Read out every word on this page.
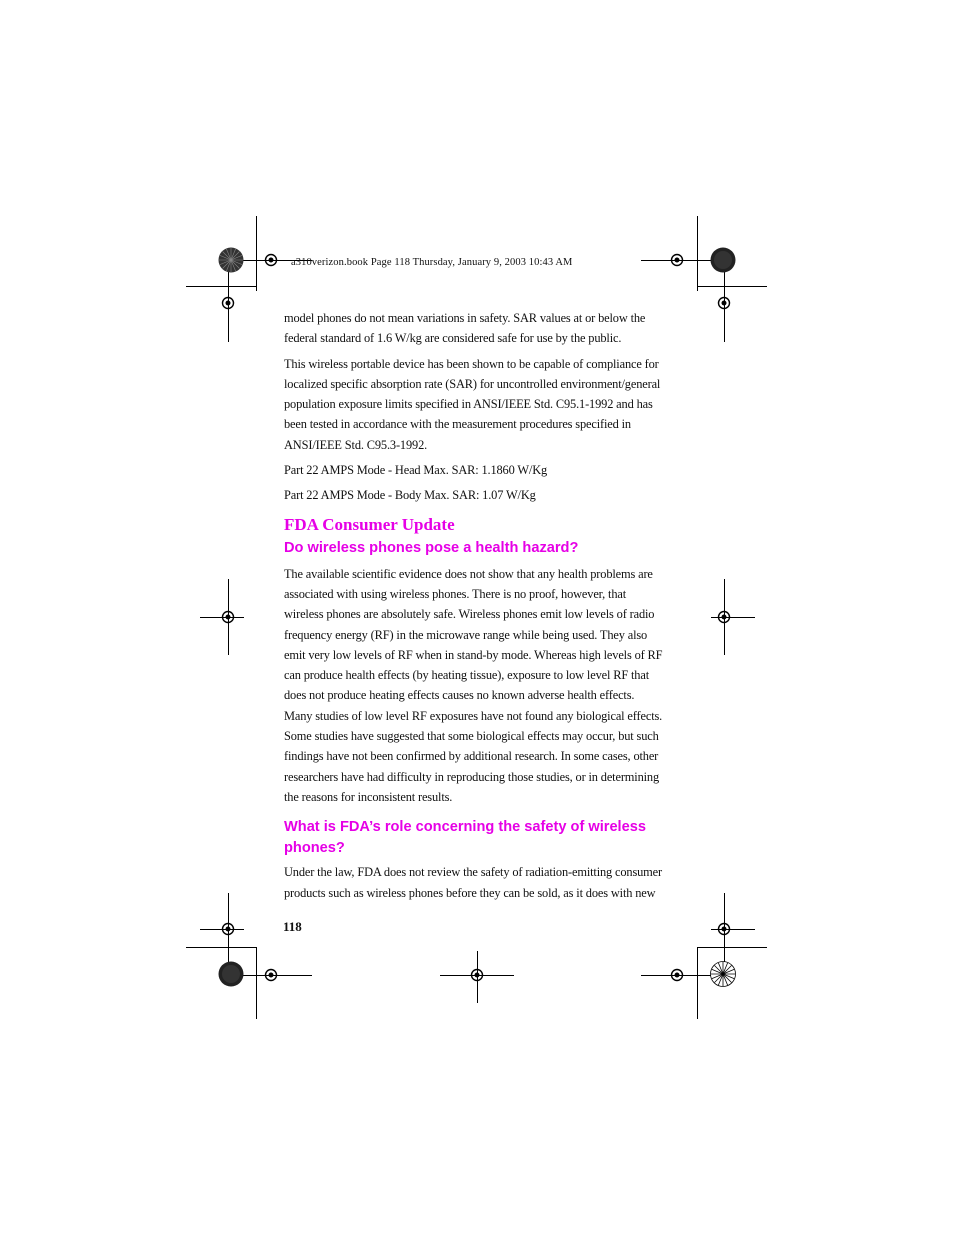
a310verizon.book Page 118 Thursday, January 9, 2003 10:43 AM

model phones do not mean variations in safety. SAR values at or below the federal standard of 1.6 W/kg are considered safe for use by the public.

This wireless portable device has been shown to be capable of compliance for localized specific absorption rate (SAR) for uncontrolled environment/general population exposure limits specified in ANSI/IEEE Std. C95.1-1992 and has been tested in accordance with the measurement procedures specified in ANSI/IEEE Std. C95.3-1992.

Part 22 AMPS Mode - Head Max. SAR: 1.1860 W/Kg

Part 22 AMPS Mode - Body Max. SAR: 1.07 W/Kg

FDA Consumer Update
Do wireless phones pose a health hazard?

The available scientific evidence does not show that any health problems are associated with using wireless phones. There is no proof, however, that wireless phones are absolutely safe. Wireless phones emit low levels of radio frequency energy (RF) in the microwave range while being used. They also emit very low levels of RF when in stand-by mode. Whereas high levels of RF can produce health effects (by heating tissue), exposure to low level RF that does not produce heating effects causes no known adverse health effects. Many studies of low level RF exposures have not found any biological effects. Some studies have suggested that some biological effects may occur, but such findings have not been confirmed by additional research. In some cases, other researchers have had difficulty in reproducing those studies, or in determining the reasons for inconsistent results.

What is FDA’s role concerning the safety of wireless phones?

Under the law, FDA does not review the safety of radiation-emitting consumer products such as wireless phones before they can be sold, as it does with new

118
